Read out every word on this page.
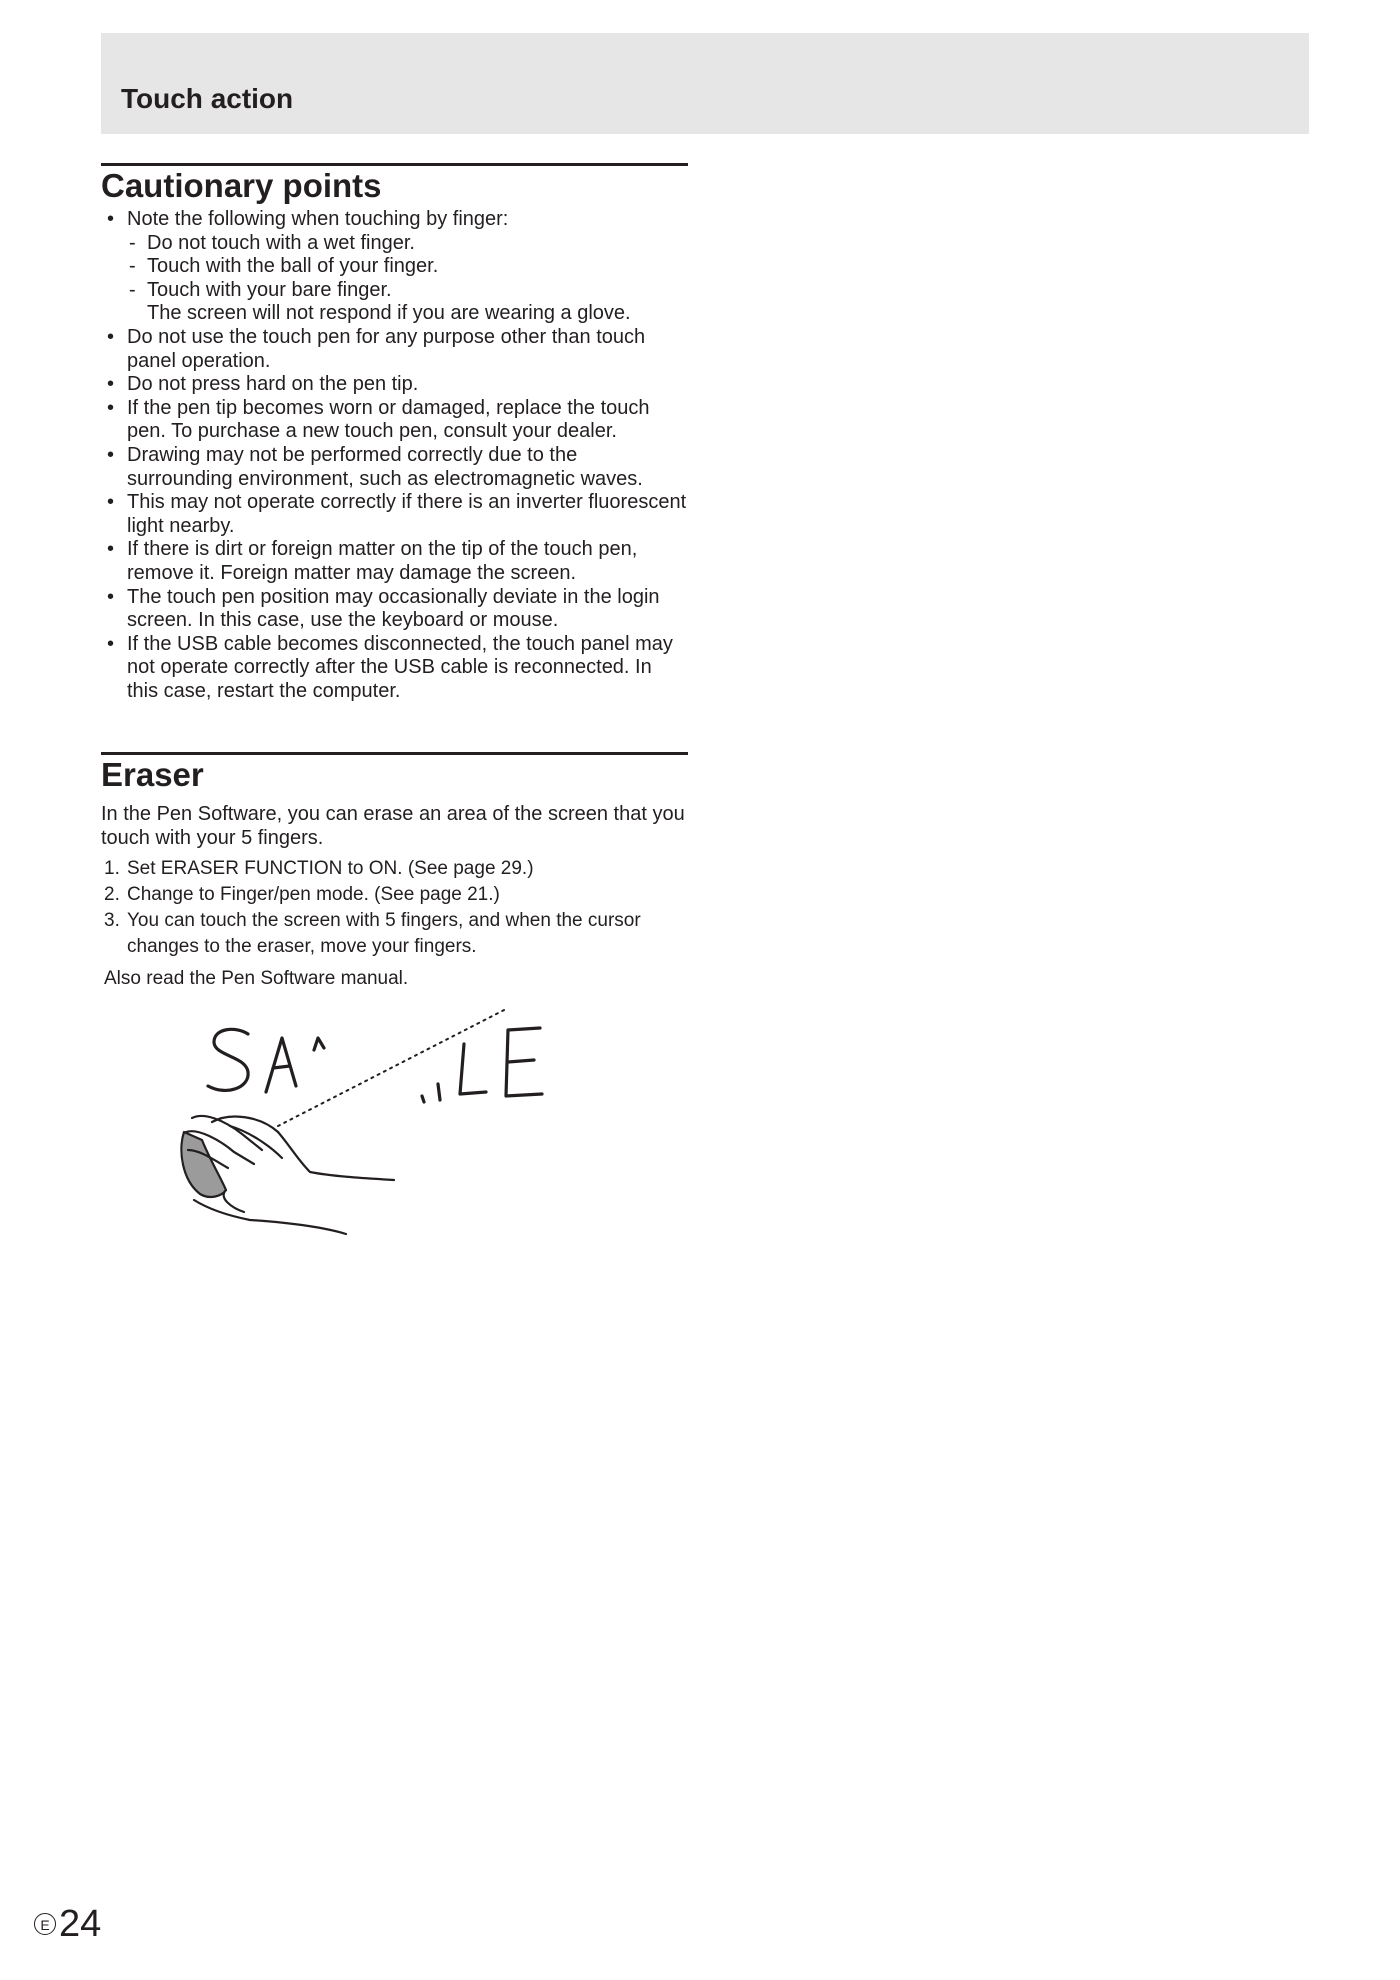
Touch action
Cautionary points
• Note the following when touching by finger:
- Do not touch with a wet finger.
- Touch with the ball of your finger.
- Touch with your bare finger.
The screen will not respond if you are wearing a glove.
• Do not use the touch pen for any purpose other than touch panel operation.
• Do not press hard on the pen tip.
• If the pen tip becomes worn or damaged, replace the touch pen. To purchase a new touch pen, consult your dealer.
• Drawing may not be performed correctly due to the surrounding environment, such as electromagnetic waves.
• This may not operate correctly if there is an inverter fluorescent light nearby.
• If there is dirt or foreign matter on the tip of the touch pen, remove it. Foreign matter may damage the screen.
• The touch pen position may occasionally deviate in the login screen. In this case, use the keyboard or mouse.
• If the USB cable becomes disconnected, the touch panel may not operate correctly after the USB cable is reconnected. In this case, restart the computer.
Eraser

In the Pen Software, you can erase an area of the screen that you touch with your 5 fingers.

1. Set ERASER FUNCTION to ON. (See page 29.)
2. Change to Finger/pen mode. (See page 21.)
3. You can touch the screen with 5 fingers, and when the cursor changes to the eraser, move your fingers.

Also read the Pen Software manual.

E 24
